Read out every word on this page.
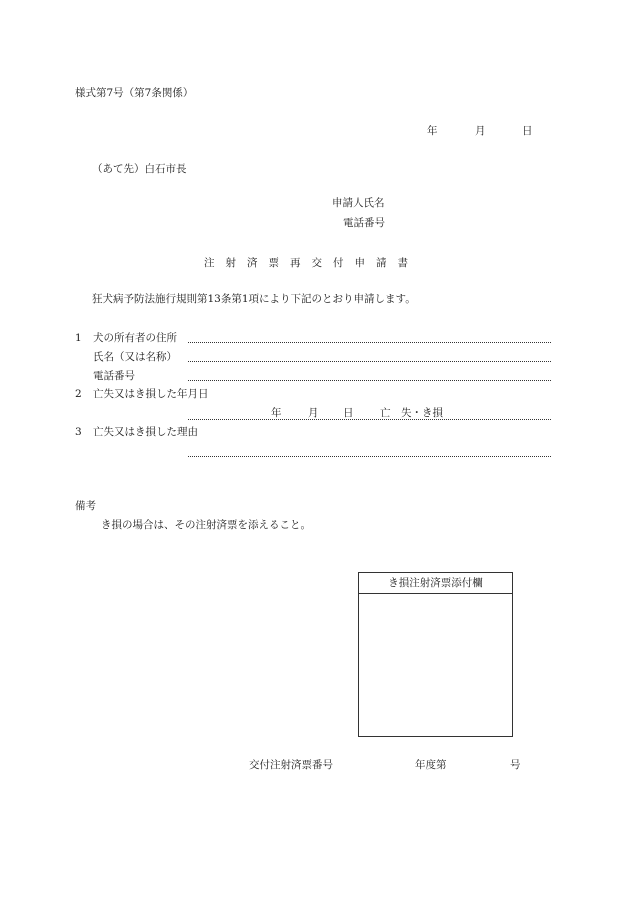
様式第7号（第7条関係）
年	月	日
（あて先）白石市長
申請人氏名
電話番号
注射済票再交付申請書
狂犬病予防法施行規則第13条第1項により下記のとおり申請します。
1 犬の所有者の住所
氏名（又は名称）
電話番号
2 亡失又はき損した年月日
年	月 日	亡　失・き損
3 亡失又はき損した理由
備考
き損の場合は、その注射済票を添えること。
き損注射済票添付欄
交付注射済票番号	年度第	号
